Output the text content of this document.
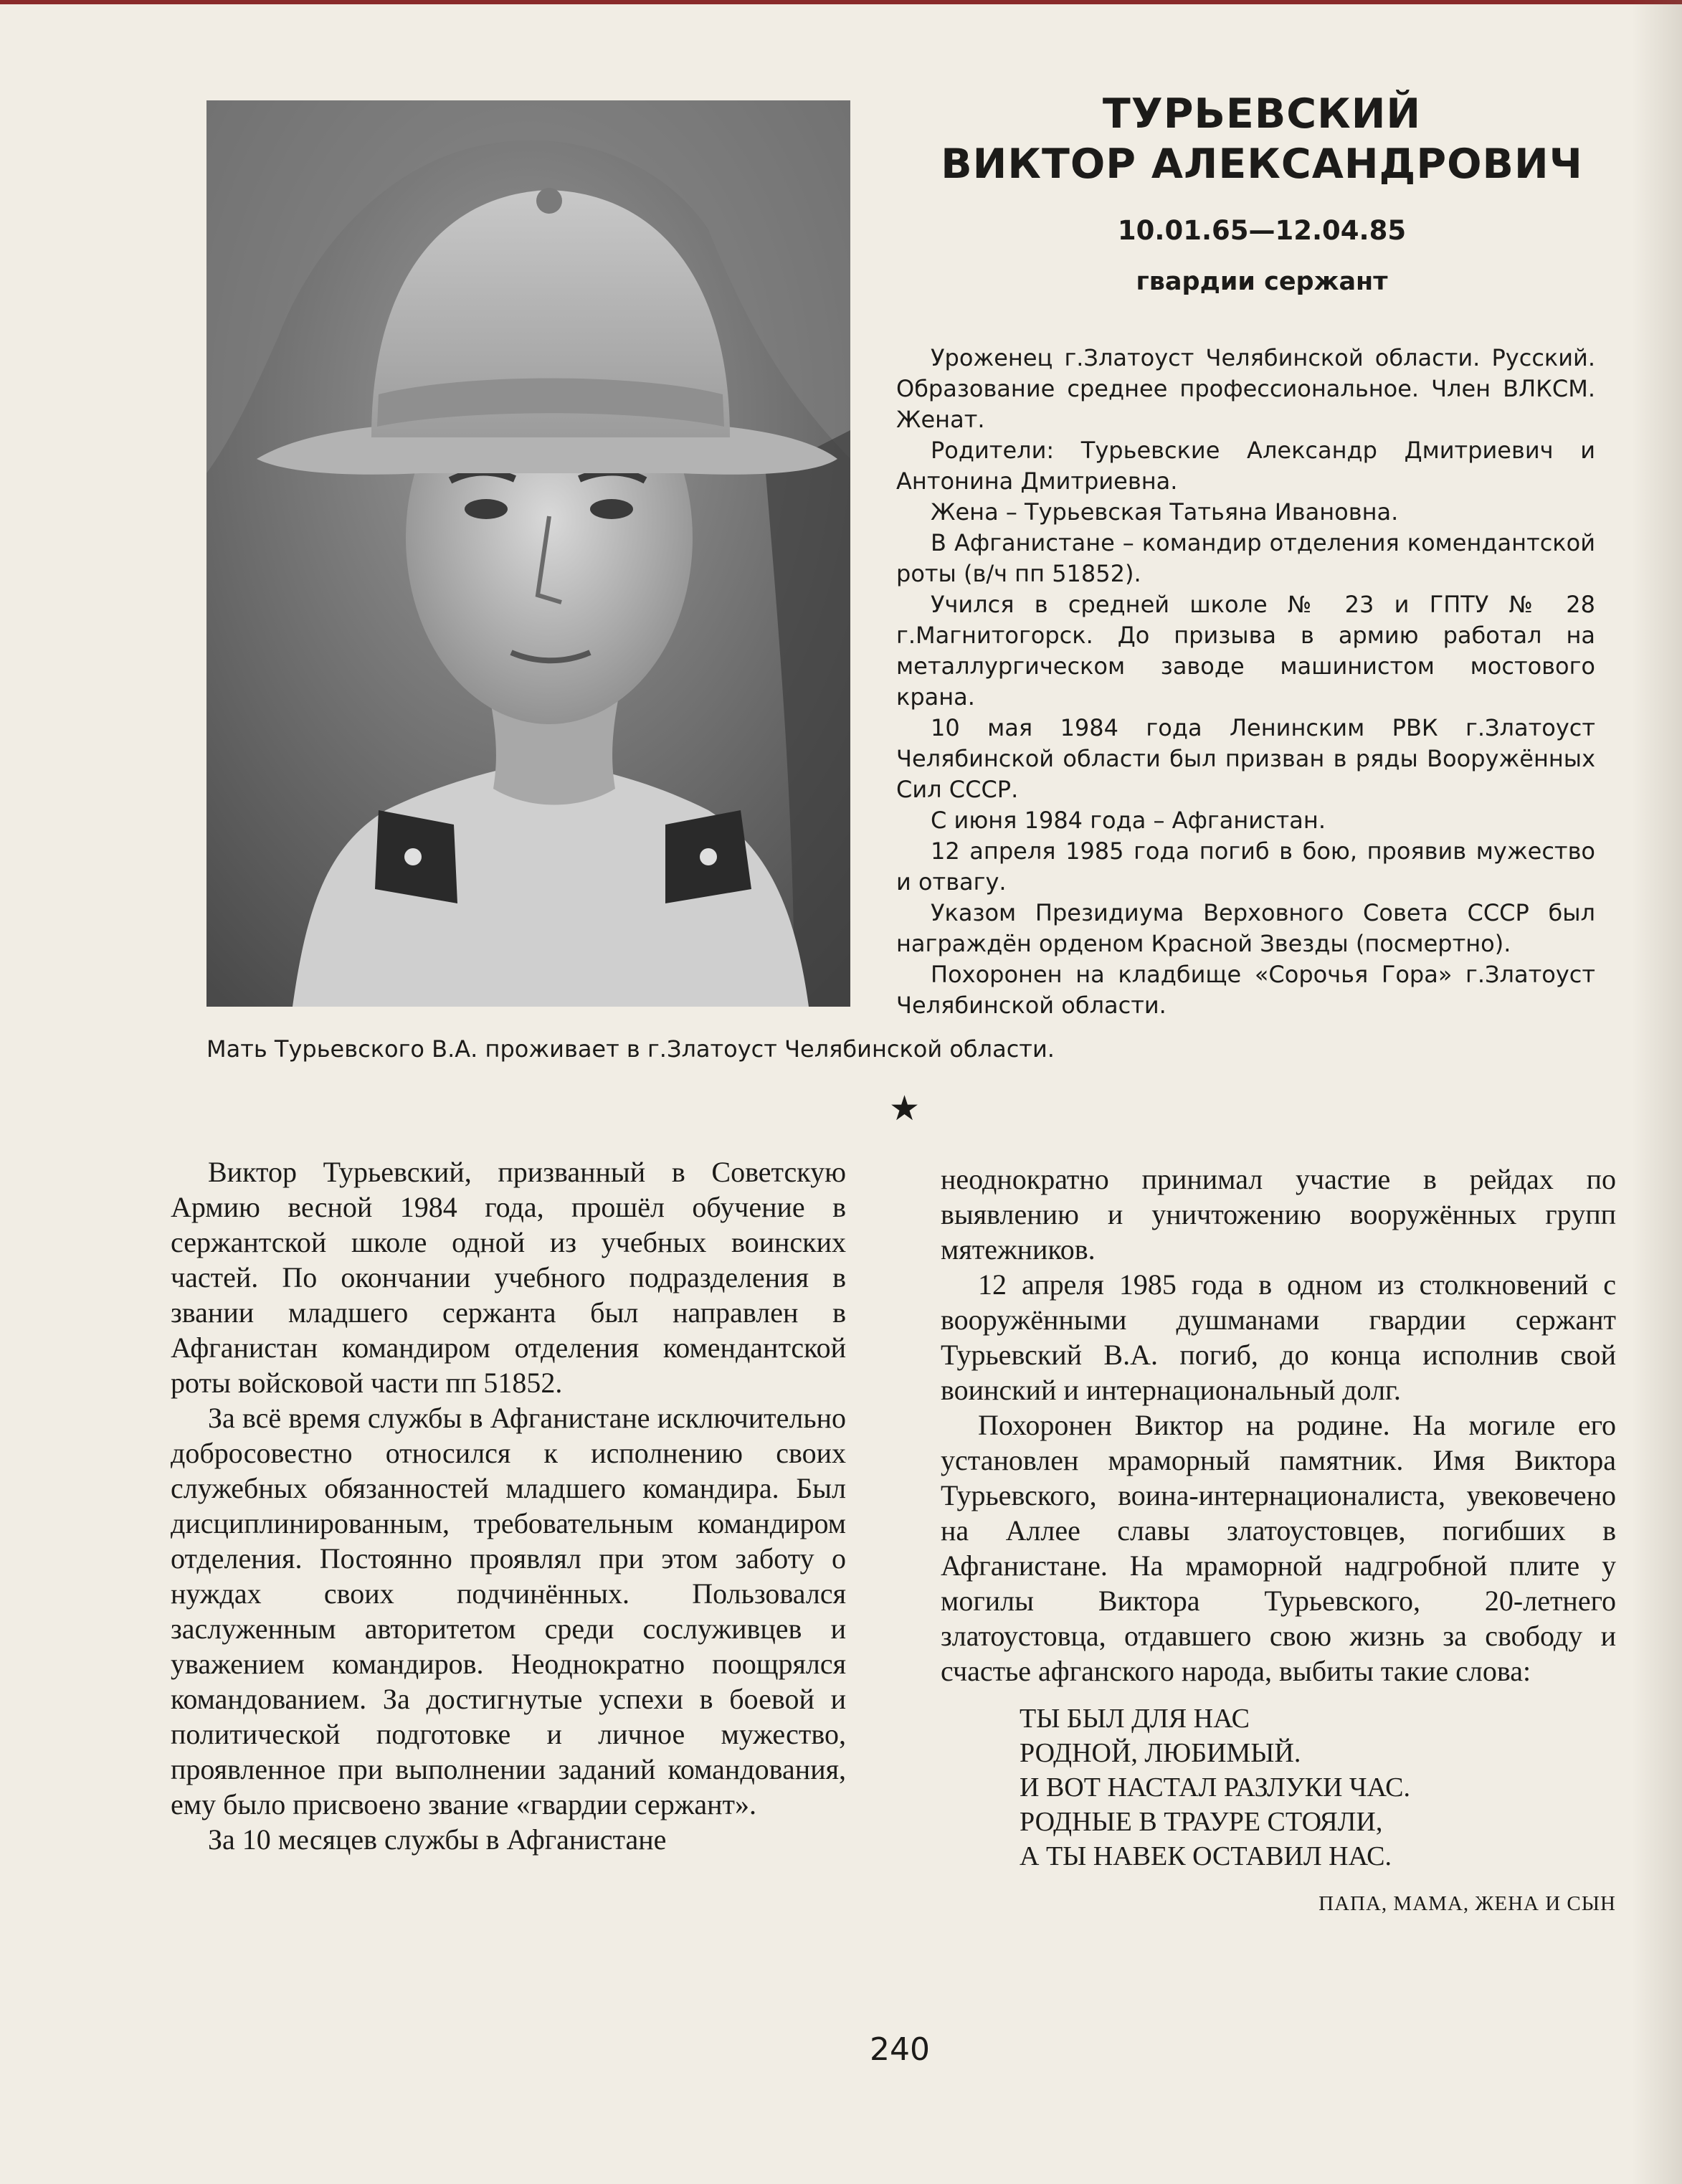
ТУРЬЕВСКИЙ
ВИКТОР АЛЕКСАНДРОВИЧ
10.01.65—12.04.85
гвардии сержант

Уроженец г.Златоуст Челябинской области. Русский. Образование среднее профессиональное. Член ВЛКСМ. Женат.

Родители: Турьевские Александр Дмитриевич и Антонина Дмитриевна.

Жена – Турьевская Татьяна Ивановна.

В Афганистане – командир отделения комендантской роты (в/ч пп 51852).

Учился в средней школе № 23 и ГПТУ № 28 г.Магнитогорск. До призыва в армию работал на металлургическом заводе машинистом мостового крана.

10 мая 1984 года Ленинским РВК г.Златоуст Челябинской области был призван в ряды Вооружённых Сил СССР.

С июня 1984 года – Афганистан.

12 апреля 1985 года погиб в бою, проявив мужество и отвагу.

Указом Президиума Верховного Совета СССР был награждён орденом Красной Звезды (посмертно).

Похоронен на кладбище «Сорочья Гора» г.Златоуст Челябинской области.

Мать Турьевского В.А. проживает в г.Златоуст Челябинской области.
★

Виктор Турьевский, призванный в Советскую Армию весной 1984 года, прошёл обучение в сержантской школе одной из учебных воинских частей. По окончании учебного подразделения в звании младшего сержанта был направлен в Афганистан командиром отделения комендантской роты войсковой части пп 51852.

За всё время службы в Афганистане исключительно добросовестно относился к исполнению своих служебных обязанностей младшего командира. Был дисциплинированным, требовательным командиром отделения. Постоянно проявлял при этом заботу о нуждах своих подчинённых. Пользовался заслуженным авторитетом среди сослуживцев и уважением командиров. Неоднократно поощрялся командованием. За достигнутые успехи в боевой и политической подготовке и личное мужество, проявленное при выполнении заданий командования, ему было присвоено звание «гвардии сержант».

За 10 месяцев службы в Афганистане

неоднократно принимал участие в рейдах по выявлению и уничтожению вооружённых групп мятежников.

12 апреля 1985 года в одном из столкновений с вооружёнными душманами гвардии сержант Турьевский В.А. погиб, до конца исполнив свой воинский и интернациональный долг.

Похоронен Виктор на родине. На могиле его установлен мраморный памятник. Имя Виктора Турьевского, воина-интернационалиста, увековечено на Аллее славы златоустовцев, погибших в Афганистане. На мраморной надгробной плите у могилы Виктора Турьевского, 20-летнего златоустовца, отдавшего свою жизнь за свободу и счастье афганского народа, выбиты такие слова:

ТЫ БЫЛ ДЛЯ НАС
РОДНОЙ, ЛЮБИМЫЙ.
И ВОТ НАСТАЛ РАЗЛУКИ ЧАС.
РОДНЫЕ В ТРАУРЕ СТОЯЛИ,
А ТЫ НАВЕК ОСТАВИЛ НАС.
ПАПА, МАМА, ЖЕНА И СЫН
240
